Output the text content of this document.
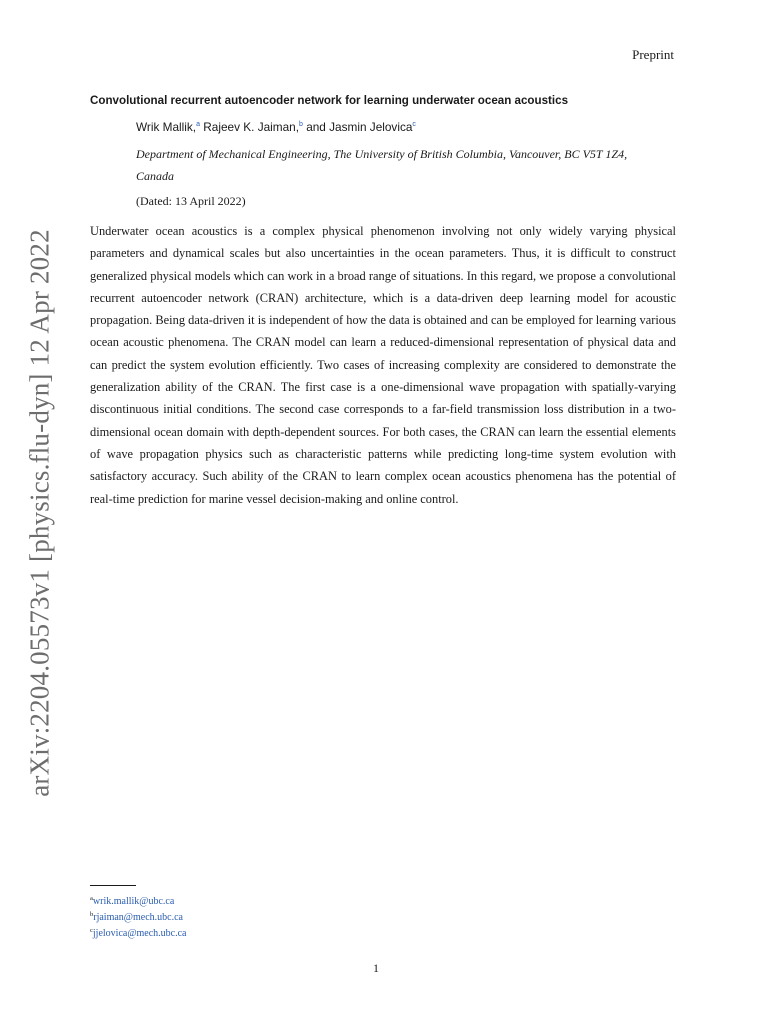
Preprint
arXiv:2204.05573v1 [physics.flu-dyn] 12 Apr 2022
Convolutional recurrent autoencoder network for learning underwater ocean acoustics
Wrik Mallik,$^a$ Rajeev K. Jaiman,$^b$ and Jasmin Jelovica$^c$
Department of Mechanical Engineering, The University of British Columbia, Vancouver, BC V5T 1Z4, Canada
(Dated: 13 April 2022)
Underwater ocean acoustics is a complex physical phenomenon involving not only widely varying physical parameters and dynamical scales but also uncertainties in the ocean parameters. Thus, it is difficult to construct generalized physical models which can work in a broad range of situations. In this regard, we propose a convolutional recurrent autoencoder network (CRAN) architecture, which is a data-driven deep learning model for acoustic propagation. Being data-driven it is independent of how the data is obtained and can be employed for learning various ocean acoustic phenomena. The CRAN model can learn a reduced-dimensional representation of physical data and can predict the system evolution efficiently. Two cases of increasing complexity are considered to demonstrate the generalization ability of the CRAN. The first case is a one-dimensional wave propagation with spatially-varying discontinuous initial conditions. The second case corresponds to a far-field transmission loss distribution in a two-dimensional ocean domain with depth-dependent sources. For both cases, the CRAN can learn the essential elements of wave propagation physics such as characteristic patterns while predicting long-time system evolution with satisfactory accuracy. Such ability of the CRAN to learn complex ocean acoustics phenomena has the potential of real-time prediction for marine vessel decision-making and online control.
$^a$wrik.mallik@ubc.ca
$^b$rjaiman@mech.ubc.ca
$^c$jjelovica@mech.ubc.ca
1
